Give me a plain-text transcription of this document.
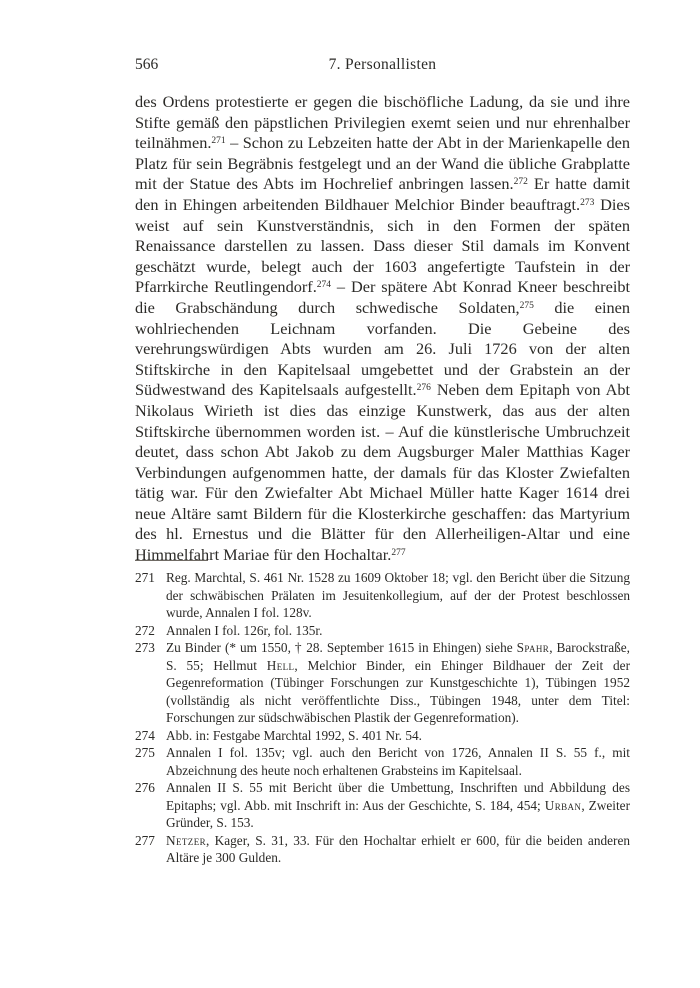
566	7. Personallisten

des Ordens protestierte er gegen die bischöfliche Ladung, da sie und ihre Stifte gemäß den päpstlichen Privilegien exemt seien und nur ehrenhalber teilnähmen.$^{271}$ – Schon zu Lebzeiten hatte der Abt in der Marienkapelle den Platz für sein Begräbnis festgelegt und an der Wand die übliche Grabplatte mit der Statue des Abts im Hochrelief anbringen lassen.$^{272}$ Er hatte damit den in Ehingen arbeitenden Bildhauer Melchior Binder beauftragt.$^{273}$ Dies weist auf sein Kunstverständnis, sich in den Formen der späten Renaissance darstellen zu lassen. Dass dieser Stil damals im Konvent geschätzt wurde, belegt auch der 1603 angefertigte Taufstein in der Pfarrkirche Reutlingendorf.$^{274}$ – Der spätere Abt Konrad Kneer beschreibt die Grabschändung durch schwedische Soldaten,$^{275}$ die einen wohlriechenden Leichnam vorfanden. Die Gebeine des verehrungswürdigen Abts wurden am 26. Juli 1726 von der alten Stiftskirche in den Kapitelsaal umgebettet und der Grabstein an der Südwestwand des Kapitelsaals aufgestellt.$^{276}$ Neben dem Epitaph von Abt Nikolaus Wirieth ist dies das einzige Kunstwerk, das aus der alten Stiftskirche übernommen worden ist. – Auf die künstlerische Umbruchzeit deutet, dass schon Abt Jakob zu dem Augsburger Maler Matthias Kager Verbindungen aufgenommen hatte, der damals für das Kloster Zwiefalten tätig war. Für den Zwiefalter Abt Michael Müller hatte Kager 1614 drei neue Altäre samt Bildern für die Klosterkirche geschaffen: das Martyrium des hl. Ernestus und die Blätter für den Allerheiligen-Altar und eine Himmelfahrt Mariae für den Hochaltar.$^{277}$

271 Reg. Marchtal, S. 461 Nr. 1528 zu 1609 Oktober 18; vgl. den Bericht über die Sitzung der schwäbischen Prälaten im Jesuitenkollegium, auf der der Protest beschlossen wurde, Annalen I fol. 128v.
272 Annalen I fol. 126r, fol. 135r.
273 Zu Binder (* um 1550, † 28. September 1615 in Ehingen) siehe Spahr, Barockstraße, S. 55; Hellmut Hell, Melchior Binder, ein Ehinger Bildhauer der Zeit der Gegenreformation (Tübinger Forschungen zur Kunstgeschichte 1), Tübingen 1952 (vollständig als nicht veröffentlichte Diss., Tübingen 1948, unter dem Titel: Forschungen zur südschwäbischen Plastik der Gegenreformation).
274 Abb. in: Festgabe Marchtal 1992, S. 401 Nr. 54.
275 Annalen I fol. 135v; vgl. auch den Bericht von 1726, Annalen II S. 55 f., mit Abzeichnung des heute noch erhaltenen Grabsteins im Kapitelsaal.
276 Annalen II S. 55 mit Bericht über die Umbettung, Inschriften und Abbildung des Epitaphs; vgl. Abb. mit Inschrift in: Aus der Geschichte, S. 184, 454; Urban, Zweiter Gründer, S. 153.
277 Netzer, Kager, S. 31, 33. Für den Hochaltar erhielt er 600, für die beiden anderen Altäre je 300 Gulden.
